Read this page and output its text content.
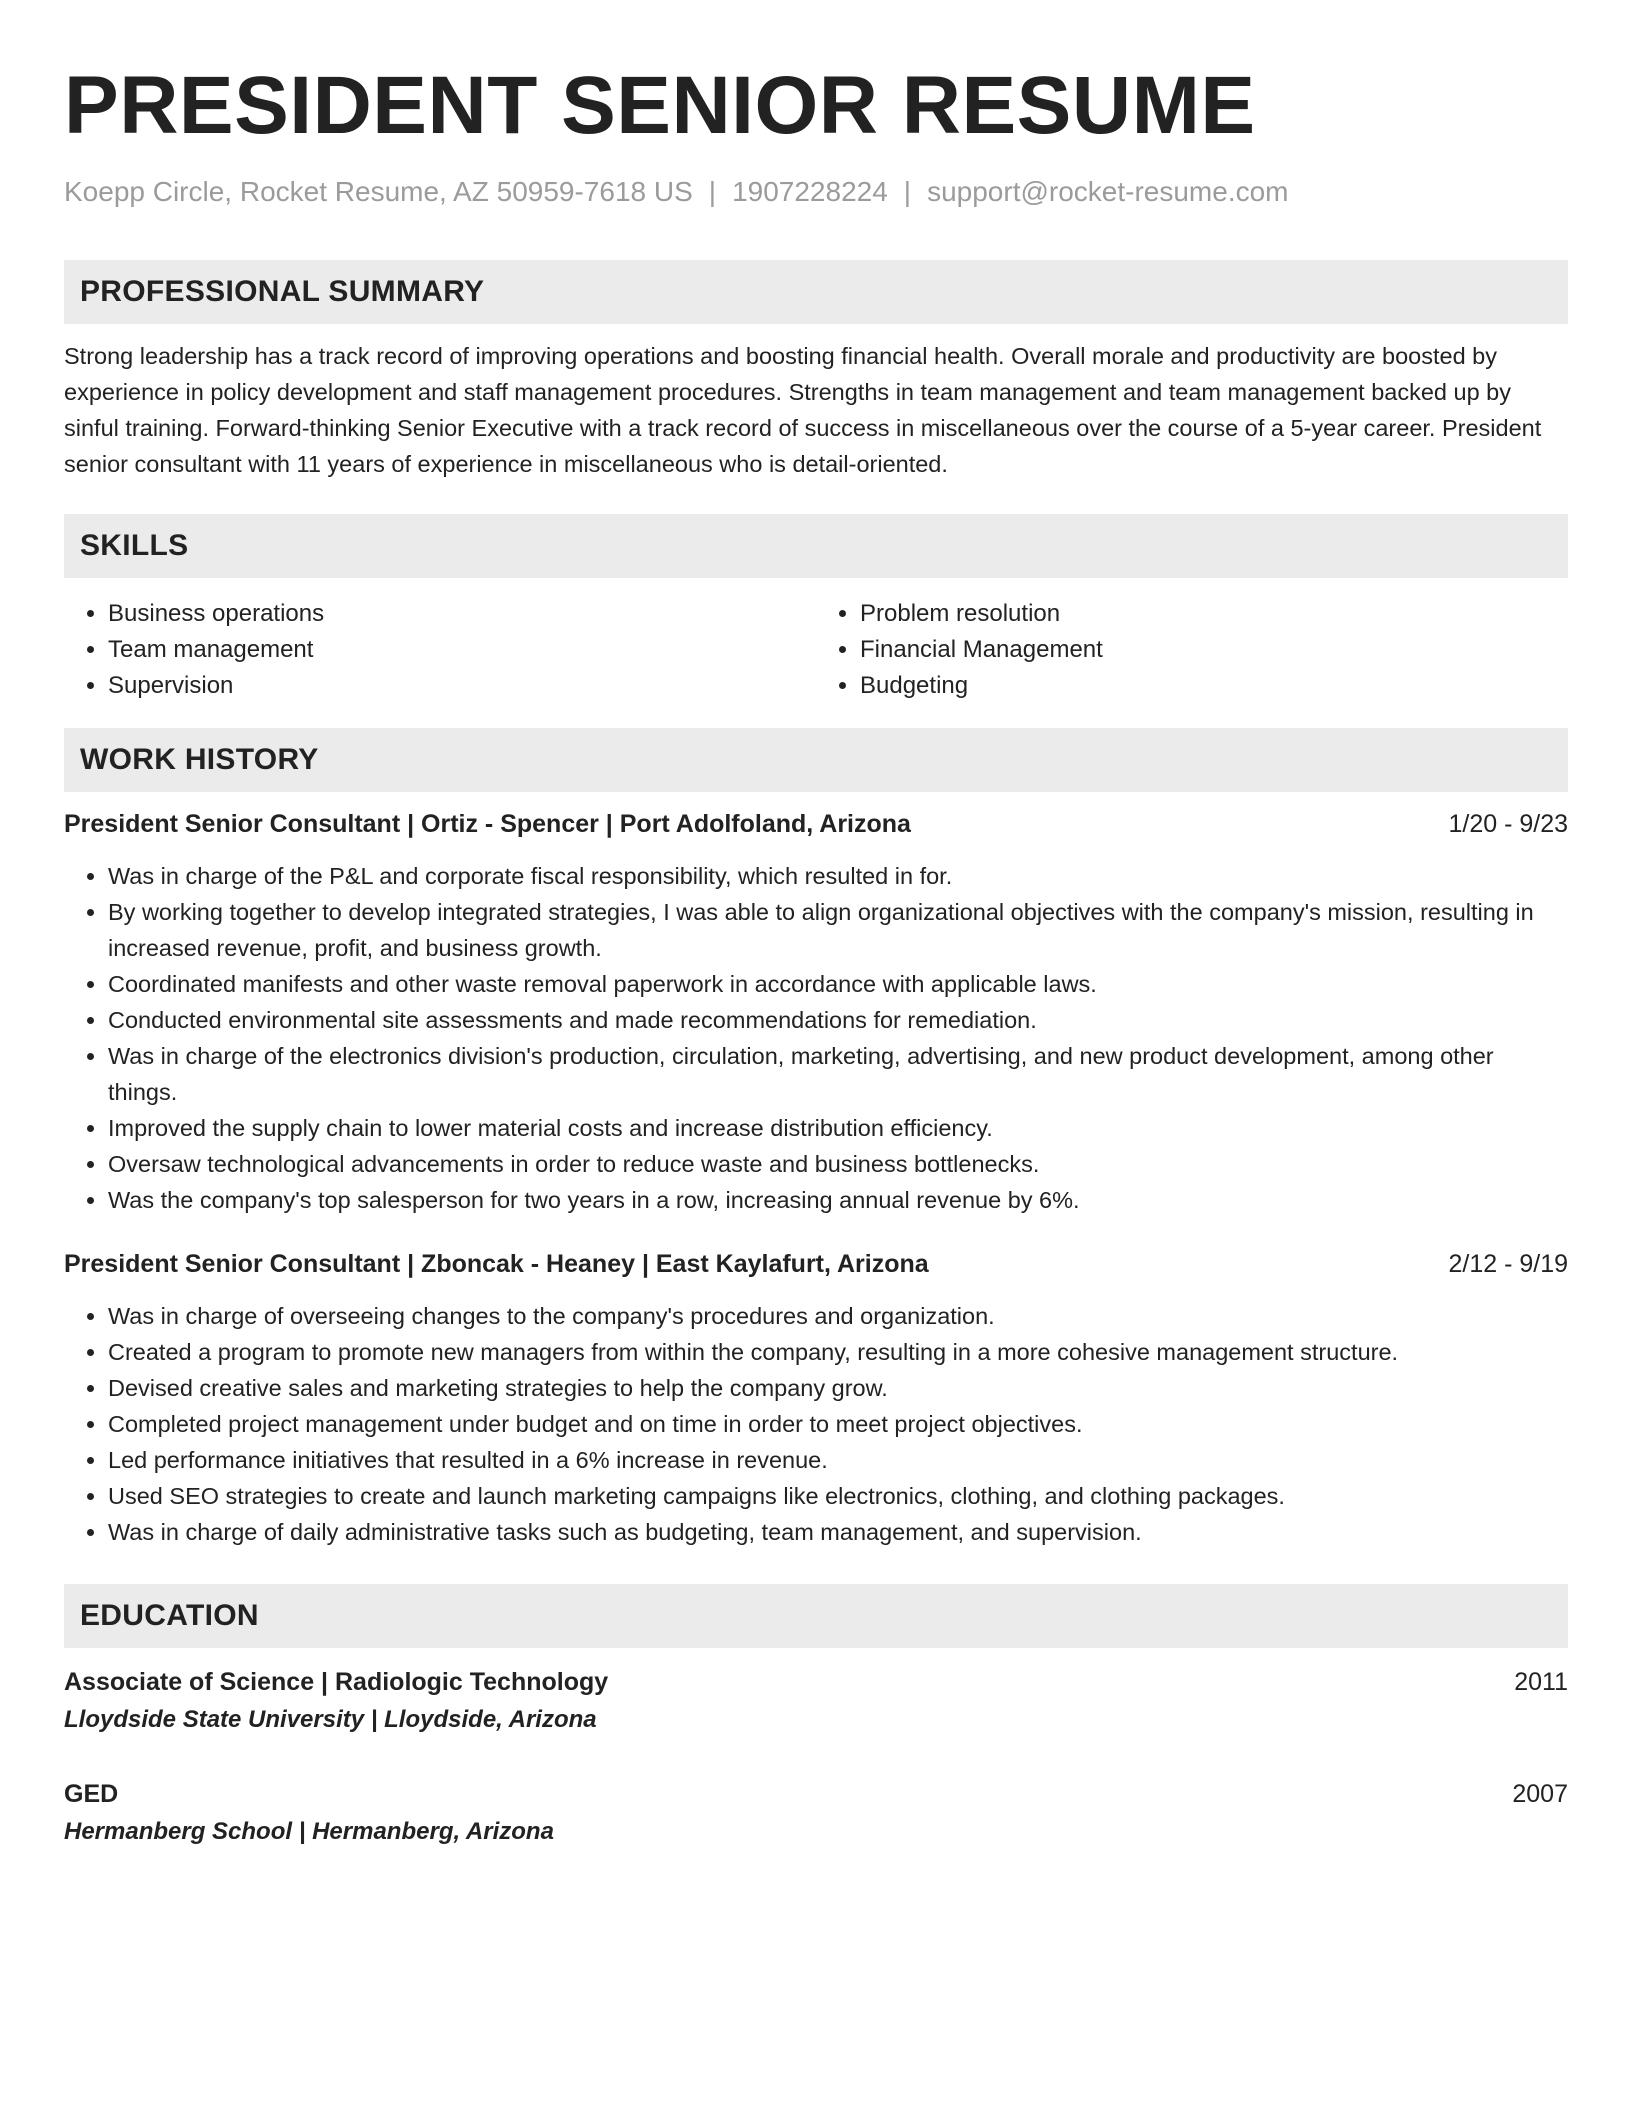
PRESIDENT SENIOR RESUME
Koepp Circle, Rocket Resume, AZ 50959-7618 US | 1907228224 | support@rocket-resume.com
PROFESSIONAL SUMMARY
Strong leadership has a track record of improving operations and boosting financial health. Overall morale and productivity are boosted by experience in policy development and staff management procedures. Strengths in team management and team management backed up by sinful training. Forward-thinking Senior Executive with a track record of success in miscellaneous over the course of a 5-year career. President senior consultant with 11 years of experience in miscellaneous who is detail-oriented.
SKILLS
• Business operations
• Team management
• Supervision
• Problem resolution
• Financial Management
• Budgeting
WORK HISTORY
President Senior Consultant | Ortiz - Spencer | Port Adolfoland, Arizona	1/20 - 9/23
• Was in charge of the P&L and corporate fiscal responsibility, which resulted in for.
• By working together to develop integrated strategies, I was able to align organizational objectives with the company's mission, resulting in increased revenue, profit, and business growth.
• Coordinated manifests and other waste removal paperwork in accordance with applicable laws.
• Conducted environmental site assessments and made recommendations for remediation.
• Was in charge of the electronics division's production, circulation, marketing, advertising, and new product development, among other things.
• Improved the supply chain to lower material costs and increase distribution efficiency.
• Oversaw technological advancements in order to reduce waste and business bottlenecks.
• Was the company's top salesperson for two years in a row, increasing annual revenue by 6%.
President Senior Consultant | Zboncak - Heaney | East Kaylafurt, Arizona	2/12 - 9/19
• Was in charge of overseeing changes to the company's procedures and organization.
• Created a program to promote new managers from within the company, resulting in a more cohesive management structure.
• Devised creative sales and marketing strategies to help the company grow.
• Completed project management under budget and on time in order to meet project objectives.
• Led performance initiatives that resulted in a 6% increase in revenue.
• Used SEO strategies to create and launch marketing campaigns like electronics, clothing, and clothing packages.
• Was in charge of daily administrative tasks such as budgeting, team management, and supervision.
EDUCATION
Associate of Science | Radiologic Technology	2011
Lloydside State University | Lloydside, Arizona
GED	2007
Hermanberg School | Hermanberg, Arizona
